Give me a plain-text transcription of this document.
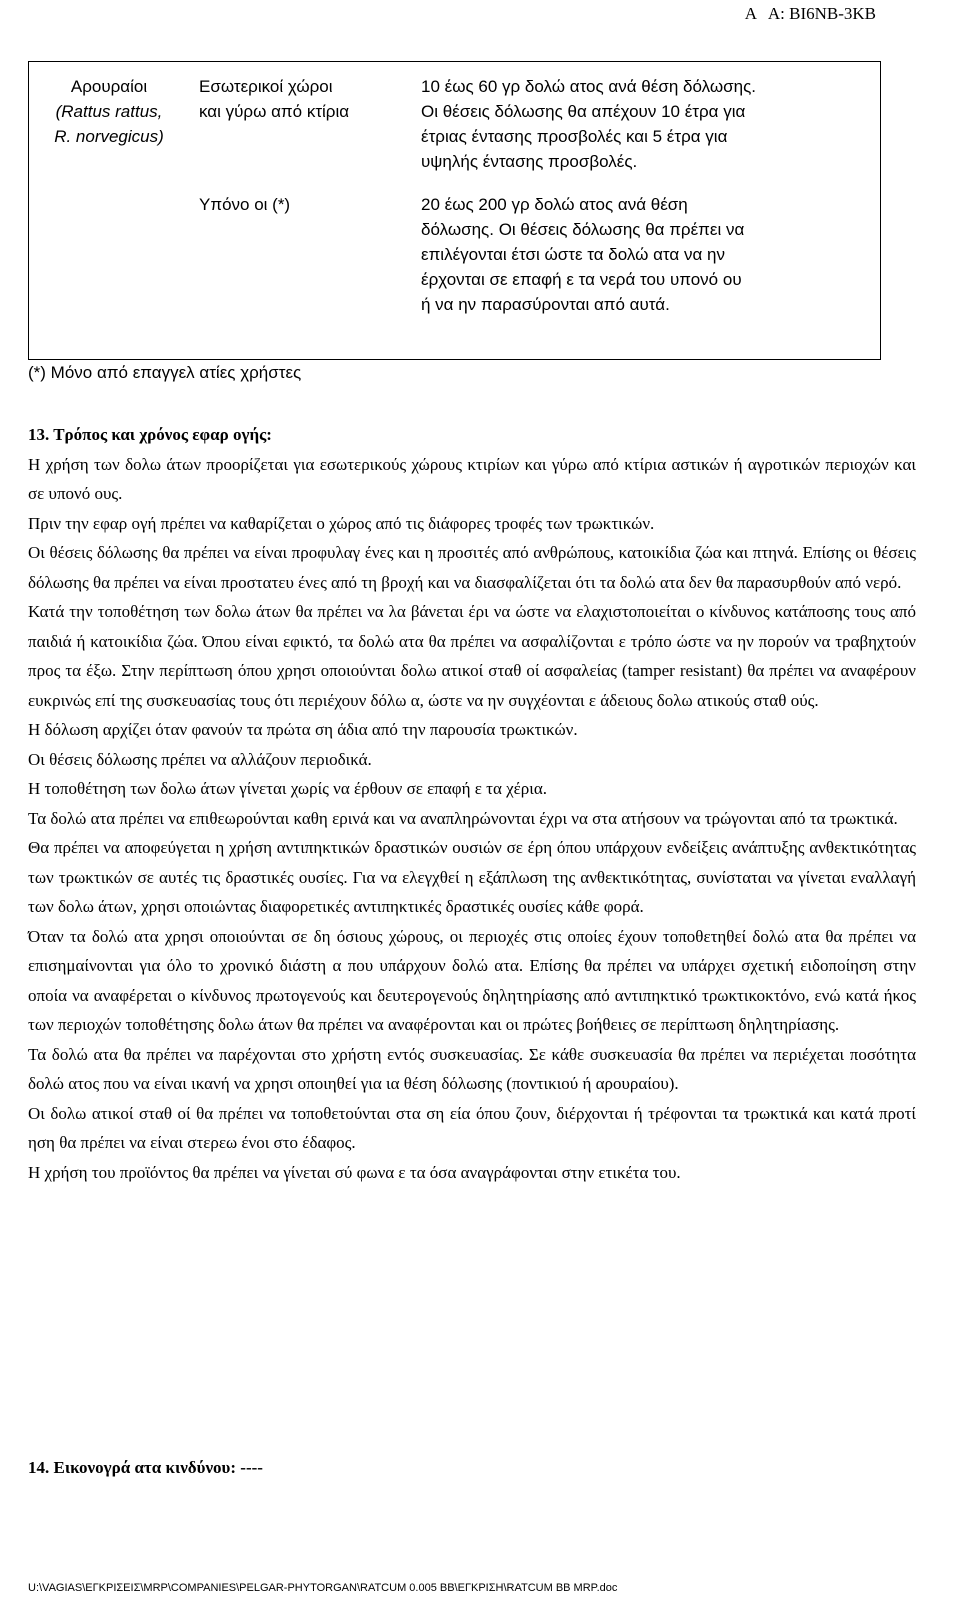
Α   Α: BI6NB-3KB
Αρουραίοι
(Rattus rattus,
R. norvegicus)
Εσωτερικοί χώροι
και γύρω από κτίρια
10 έως 60 γρ δολώ ατος ανά θέση δόλωσης.
Οι θέσεις δόλωσης θα απέχουν 10 έτρα για
έτριας έντασης προσβολές και 5 έτρα για
υψηλής έντασης προσβολές.
Υπόνο οι (*)	20 έως 200 γρ δολώ ατος ανά θέση
δόλωσης. Οι θέσεις δόλωσης θα πρέπει να
επιλέγονται έτσι ώστε τα δολώ ατα να ην
έρχονται σε επαφή ε τα νερά του υπονό ου
ή να ην παρασύρονται από αυτά.
(*) Μόνο από επαγγελ ατίες χρήστες

13. Τρόπος και χρόνος εφαρ ογής:

Η χρήση των δολω άτων προορίζεται για εσωτερικούς χώρους κτιρίων και γύρω από κτίρια αστικών ή αγροτικών περιοχών και σε υπονό ους.

Πριν την εφαρ ογή πρέπει να καθαρίζεται ο χώρος από τις διάφορες τροφές των τρωκτικών.

Οι θέσεις δόλωσης θα πρέπει να είναι προφυλαγ ένες και η προσιτές από ανθρώπους, κατοικίδια ζώα και πτηνά. Επίσης οι θέσεις δόλωσης θα πρέπει να είναι προστατευ ένες από τη βροχή και να διασφαλίζεται ότι τα δολώ ατα δεν θα παρασυρθούν από νερό.

Κατά την τοποθέτηση των δολω άτων θα πρέπει να λα βάνεται έρι να ώστε να ελαχιστοποιείται ο κίνδυνος κατάποσης τους από παιδιά ή κατοικίδια ζώα. Όπου είναι εφικτό, τα δολώ ατα θα πρέπει να ασφαλίζονται ε τρόπο ώστε να ην πορούν να τραβηχτούν προς τα έξω. Στην περίπτωση όπου χρησι οποιούνται δολω ατικοί σταθ οί ασφαλείας (tamper resistant) θα πρέπει να αναφέρουν ευκρινώς επί της συσκευασίας τους ότι περιέχουν δόλω α, ώστε να ην συγχέονται ε άδειους δολω ατικούς σταθ ούς.

Η δόλωση αρχίζει όταν φανούν τα πρώτα ση άδια από την παρουσία τρωκτικών.

Οι θέσεις δόλωσης πρέπει να αλλάζουν περιοδικά.

Η τοποθέτηση των δολω άτων γίνεται χωρίς να έρθουν σε επαφή ε τα χέρια.

Τα δολώ ατα πρέπει να επιθεωρούνται καθη ερινά και να αναπληρώνονται έχρι να στα ατήσουν να τρώγονται από τα τρωκτικά.

Θα πρέπει να αποφεύγεται η χρήση αντιπηκτικών δραστικών ουσιών σε έρη όπου υπάρχουν ενδείξεις ανάπτυξης ανθεκτικότητας των τρωκτικών σε αυτές τις δραστικές ουσίες. Για να ελεγχθεί η εξάπλωση της ανθεκτικότητας, συνίσταται να γίνεται εναλλαγή των δολω άτων, χρησι οποιώντας διαφορετικές αντιπηκτικές δραστικές ουσίες κάθε φορά.

Όταν τα δολώ ατα χρησι οποιούνται σε δη όσιους χώρους, οι περιοχές στις οποίες έχουν τοποθετηθεί δολώ ατα θα πρέπει να επισημαίνονται για όλο το χρονικό διάστη α που υπάρχουν δολώ ατα. Επίσης θα πρέπει να υπάρχει σχετική ειδοποίηση στην οποία να αναφέρεται ο κίνδυνος πρωτογενούς και δευτερογενούς δηλητηρίασης από αντιπηκτικό τρωκτικοκτόνο, ενώ κατά ήκος των περιοχών τοποθέτησης δολω άτων θα πρέπει να αναφέρονται και οι πρώτες βοήθειες σε περίπτωση δηλητηρίασης.

Τα δολώ ατα θα πρέπει να παρέχονται στο χρήστη εντός συσκευασίας. Σε κάθε συσκευασία θα πρέπει να περιέχεται ποσότητα δολώ ατος που να είναι ικανή να χρησι οποιηθεί για ια θέση δόλωσης (ποντικιού ή αρουραίου).

Οι δολω ατικοί σταθ οί θα πρέπει να τοποθετούνται στα ση εία όπου ζουν, διέρχονται ή τρέφονται τα τρωκτικά και κατά προτί ηση θα πρέπει να είναι στερεω ένοι στο έδαφος.

Η χρήση του προϊόντος θα πρέπει να γίνεται σύ φωνα ε τα όσα αναγράφονται στην ετικέτα του.

14. Εικονογρά ατα κινδύνου: ----
U:\VAGIAS\ΕΓΚΡΙΣΕΙΣ\MRP\COMPANIES\PELGAR-PHYTORGAN\RATCUM 0.005 BB\ΕΓΚΡΙΣΗ\RATCUM BB MRP.doc
